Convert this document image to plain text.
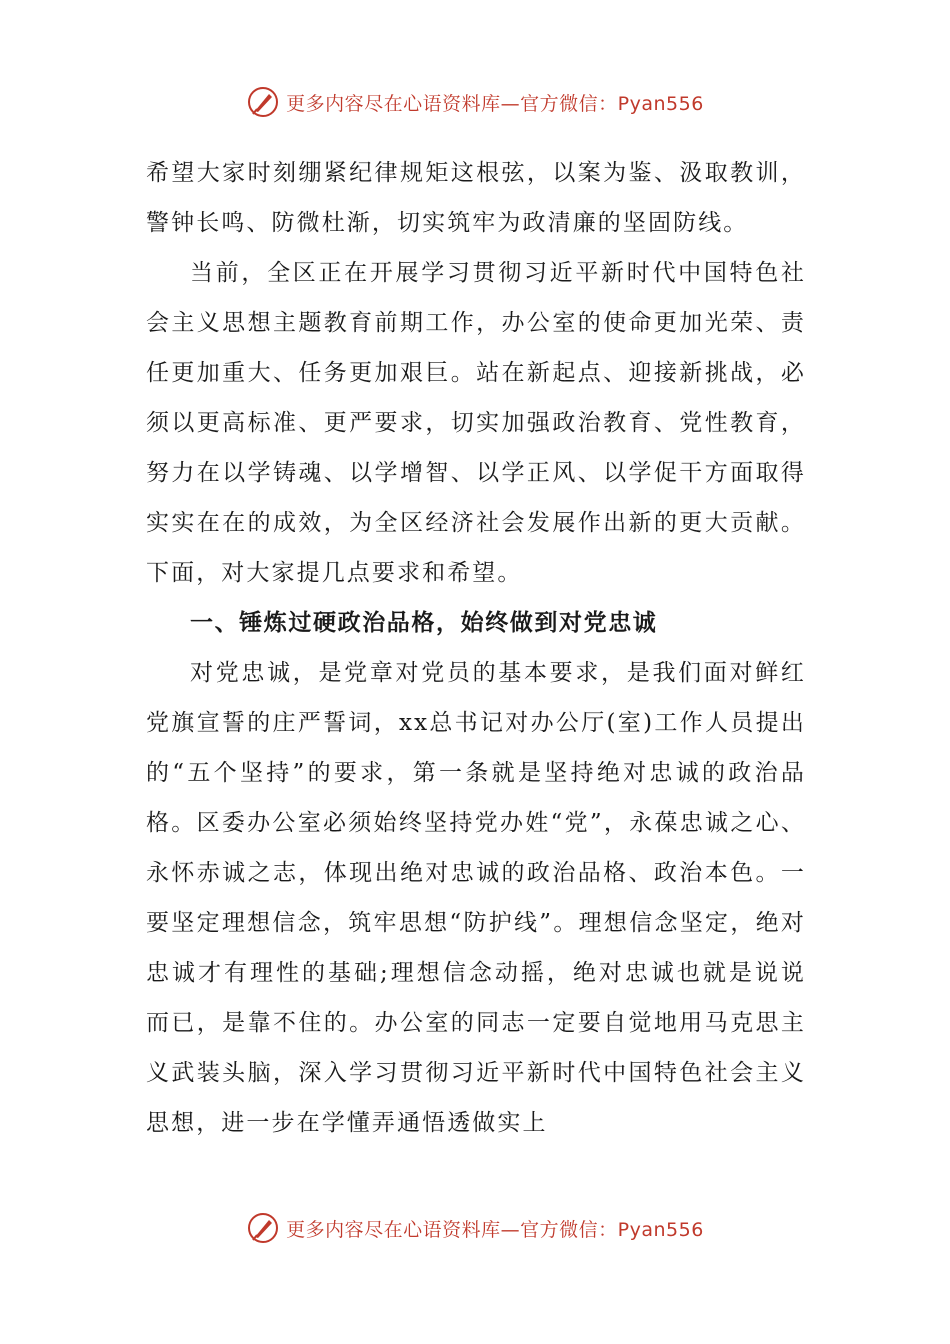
更多内容尽在心语资料库—官方微信：Pyan556

希望大家时刻绷紧纪律规矩这根弦，以案为鉴、汲取教训，警钟长鸣、防微杜渐，切实筑牢为政清廉的坚固防线。

当前，全区正在开展学习贯彻习近平新时代中国特色社会主义思想主题教育前期工作，办公室的使命更加光荣、责任更加重大、任务更加艰巨。站在新起点、迎接新挑战，必须以更高标准、更严要求，切实加强政治教育、党性教育，努力在以学铸魂、以学增智、以学正风、以学促干方面取得实实在在的成效，为全区经济社会发展作出新的更大贡献。下面，对大家提几点要求和希望。

一、锤炼过硬政治品格，始终做到对党忠诚

对党忠诚，是党章对党员的基本要求，是我们面对鲜红党旗宣誓的庄严誓词，xx总书记对办公厅(室)工作人员提出的“五个坚持”的要求，第一条就是坚持绝对忠诚的政治品格。区委办公室必须始终坚持党办姓“党”，永葆忠诚之心、永怀赤诚之志，体现出绝对忠诚的政治品格、政治本色。一要坚定理想信念，筑牢思想“防护线”。理想信念坚定，绝对忠诚才有理性的基础;理想信念动摇，绝对忠诚也就是说说而已，是靠不住的。办公室的同志一定要自觉地用马克思主义武装头脑，深入学习贯彻习近平新时代中国特色社会主义思想，进一步在学懂弄通悟透做实上

更多内容尽在心语资料库—官方微信：Pyan556
